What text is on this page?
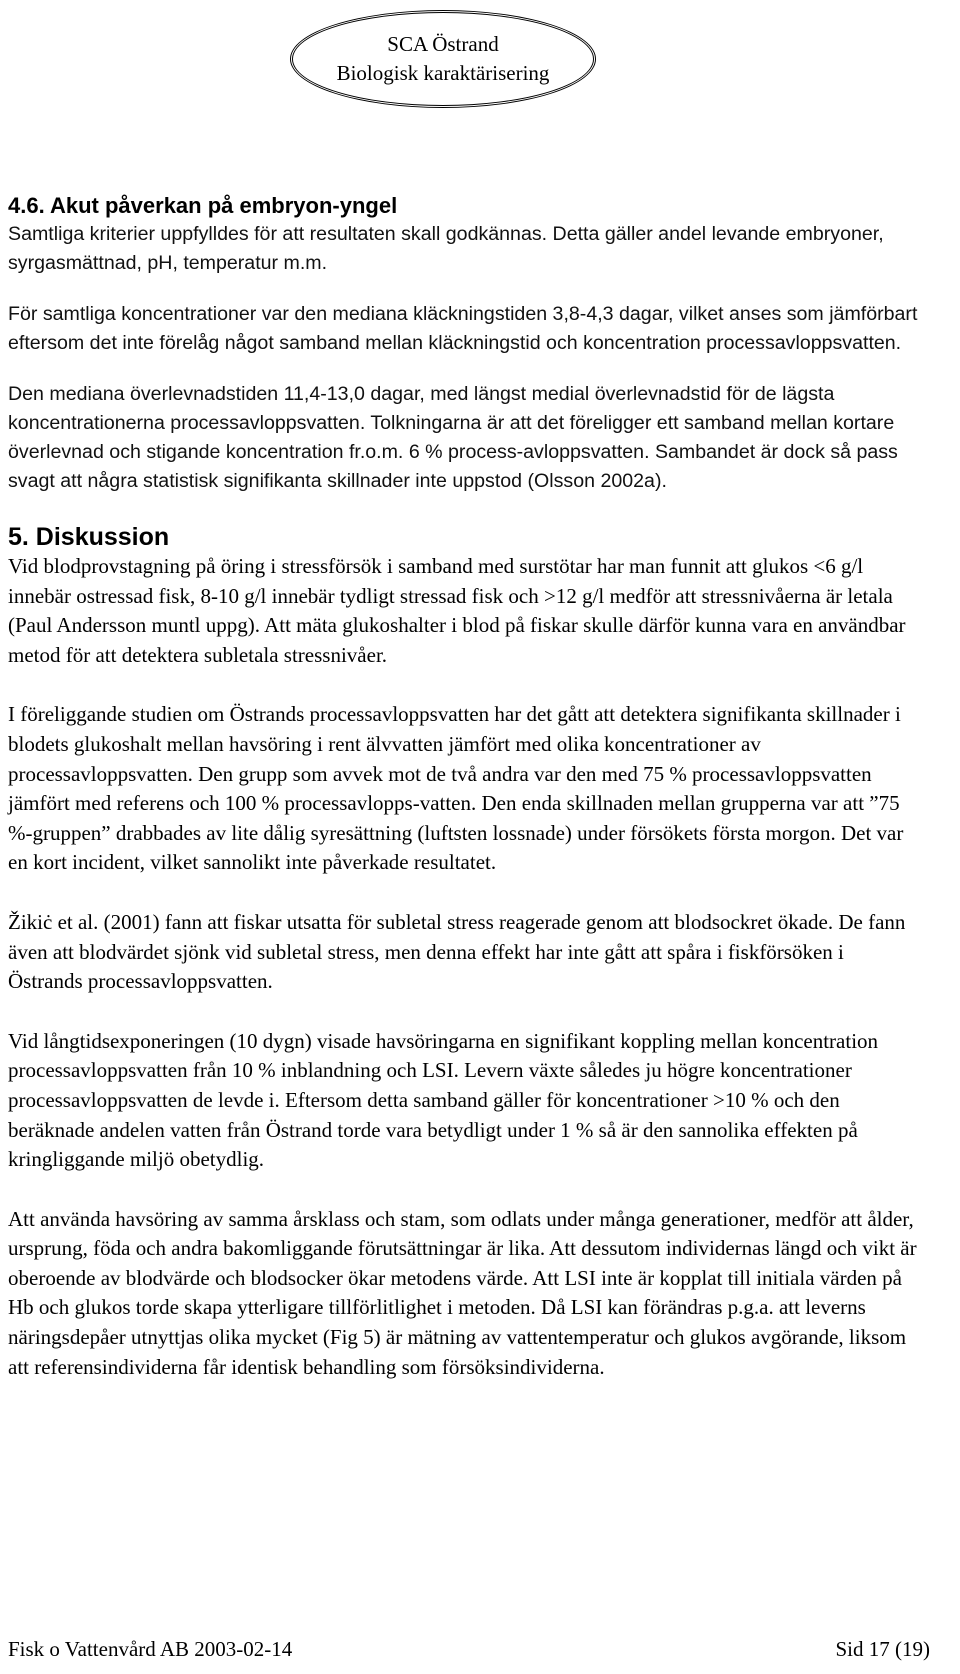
SCA Östrand
Biologisk karaktärisering
4.6. Akut påverkan på embryon-yngel

Samtliga kriterier uppfylldes för att resultaten skall godkännas. Detta gäller andel levande embryoner, syrgasmättnad, pH, temperatur m.m.

För samtliga koncentrationer var den mediana kläckningstiden 3,8-4,3 dagar, vilket anses som jämförbart eftersom det inte förelåg något samband mellan kläckningstid och koncentration processavloppsvatten.

Den mediana överlevnadstiden 11,4-13,0 dagar, med längst medial överlevnadstid för de lägsta koncentrationerna processavloppsvatten. Tolkningarna är att det föreligger ett samband mellan kortare överlevnad och stigande koncentration fr.o.m. 6 % process-avloppsvatten. Sambandet är dock så pass svagt att några statistisk signifikanta skillnader inte uppstod (Olsson 2002a).

5. Diskussion

Vid blodprovstagning på öring i stressförsök i samband med surstötar har man funnit att glukos <6 g/l innebär ostressad fisk, 8-10 g/l innebär tydligt stressad fisk och >12 g/l medför att stressnivåerna är letala (Paul Andersson muntl uppg). Att mäta glukoshalter i blod på fiskar skulle därför kunna vara en användbar metod för att detektera subletala stressnivåer.

I föreliggande studien om Östrands processavloppsvatten har det gått att detektera signifikanta skillnader i blodets glukoshalt mellan havsöring i rent älvvatten jämfört med olika koncentrationer av processavloppsvatten. Den grupp som avvek mot de två andra var den med 75 % processavloppsvatten jämfört med referens och 100 % processavlopps-vatten. Den enda skillnaden mellan grupperna var att ”75 %-gruppen” drabbades av lite dålig syresättning (luftsten lossnade) under försökets första morgon. Det var en kort incident, vilket sannolikt inte påverkade resultatet.

Žikiċ et al. (2001) fann att fiskar utsatta för subletal stress reagerade genom att blodsockret ökade. De fann även att blodvärdet sjönk vid subletal stress, men denna effekt har inte gått att spåra i fiskförsöken i Östrands processavloppsvatten.

Vid långtidsexponeringen (10 dygn) visade havsöringarna en signifikant koppling mellan koncentration processavloppsvatten från 10 % inblandning och LSI. Levern växte således ju högre koncentrationer processavloppsvatten de levde i. Eftersom detta samband gäller för koncentrationer >10 % och den beräknade andelen vatten från Östrand torde vara betydligt under 1 % så är den sannolika effekten på kringliggande miljö obetydlig.

Att använda havsöring av samma årsklass och stam, som odlats under många generationer, medför att ålder, ursprung, föda och andra bakomliggande förutsättningar är lika. Att dessutom individernas längd och vikt är oberoende av blodvärde och blodsocker ökar metodens värde. Att LSI inte är kopplat till initiala värden på Hb och glukos torde skapa ytterligare tillförlitlighet i metoden. Då LSI kan förändras p.g.a. att leverns näringsdepåer utnyttjas olika mycket (Fig 5) är mätning av vattentemperatur och glukos avgörande, liksom att referensindividerna får identisk behandling som försöksindividerna.

Fisk o Vattenvård AB 2003-02-14	Sid 17 (19)
